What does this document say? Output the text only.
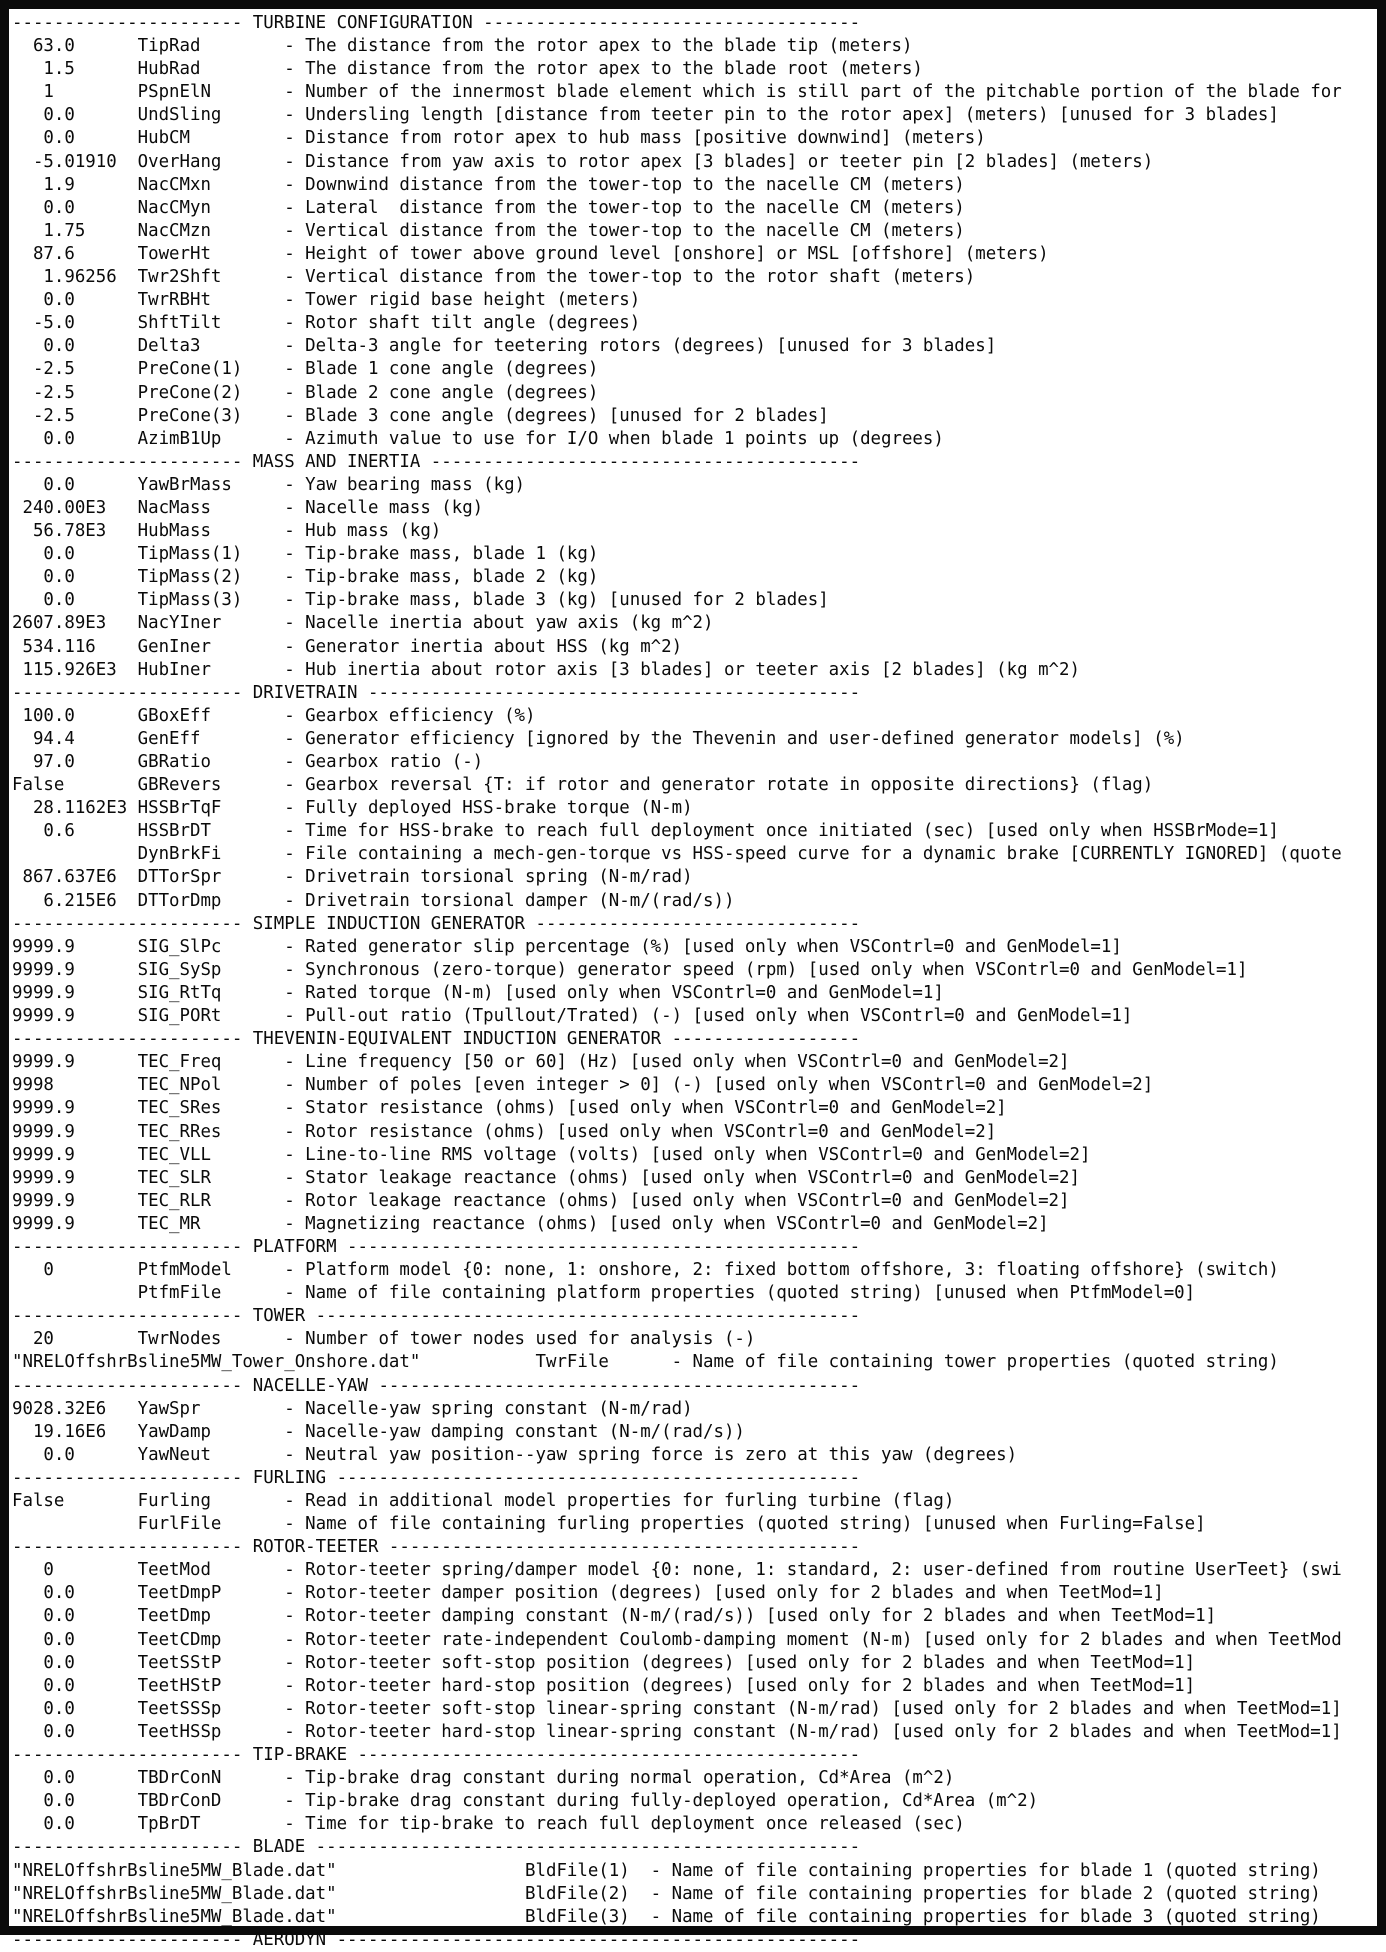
---------------------- TURBINE CONFIGURATION ------------------------------------
63.0      TipRad        - The distance from the rotor apex to the blade tip (meters)
1.5      HubRad        - The distance from the rotor apex to the blade root (meters)
1        PSpnElN       - Number of the innermost blade element which is still part of the pitchable portion of the blade for
0.0      UndSling      - Undersling length [distance from teeter pin to the rotor apex] (meters) [unused for 3 blades]
0.0      HubCM         - Distance from rotor apex to hub mass [positive downwind] (meters)
-5.01910  OverHang      - Distance from yaw axis to rotor apex [3 blades] or teeter pin [2 blades] (meters)
1.9      NacCMxn       - Downwind distance from the tower-top to the nacelle CM (meters)
0.0      NacCMyn       - Lateral  distance from the tower-top to the nacelle CM (meters)
1.75     NacCMzn       - Vertical distance from the tower-top to the nacelle CM (meters)
87.6      TowerHt       - Height of tower above ground level [onshore] or MSL [offshore] (meters)
1.96256  Twr2Shft      - Vertical distance from the tower-top to the rotor shaft (meters)
0.0      TwrRBHt       - Tower rigid base height (meters)
-5.0      ShftTilt      - Rotor shaft tilt angle (degrees)
0.0      Delta3        - Delta-3 angle for teetering rotors (degrees) [unused for 3 blades]
-2.5      PreCone(1)    - Blade 1 cone angle (degrees)
-2.5      PreCone(2)    - Blade 2 cone angle (degrees)
-2.5      PreCone(3)    - Blade 3 cone angle (degrees) [unused for 2 blades]
0.0      AzimB1Up      - Azimuth value to use for I/O when blade 1 points up (degrees)
---------------------- MASS AND INERTIA -----------------------------------------
0.0      YawBrMass     - Yaw bearing mass (kg)
240.00E3   NacMass       - Nacelle mass (kg)
56.78E3   HubMass       - Hub mass (kg)
0.0      TipMass(1)    - Tip-brake mass, blade 1 (kg)
0.0      TipMass(2)    - Tip-brake mass, blade 2 (kg)
0.0      TipMass(3)    - Tip-brake mass, blade 3 (kg) [unused for 2 blades]
2607.89E3   NacYIner      - Nacelle inertia about yaw axis (kg m^2)
534.116    GenIner       - Generator inertia about HSS (kg m^2)
115.926E3  HubIner       - Hub inertia about rotor axis [3 blades] or teeter axis [2 blades] (kg m^2)
---------------------- DRIVETRAIN -----------------------------------------------
100.0      GBoxEff       - Gearbox efficiency (%)
94.4      GenEff        - Generator efficiency [ignored by the Thevenin and user-defined generator models] (%)
97.0      GBRatio       - Gearbox ratio (-)
False       GBRevers      - Gearbox reversal {T: if rotor and generator rotate in opposite directions} (flag)
28.1162E3 HSSBrTqF      - Fully deployed HSS-brake torque (N-m)
0.6      HSSBrDT       - Time for HSS-brake to reach full deployment once initiated (sec) [used only when HSSBrMode=1]
DynBrkFi      - File containing a mech-gen-torque vs HSS-speed curve for a dynamic brake [CURRENTLY IGNORED] (quote
867.637E6  DTTorSpr      - Drivetrain torsional spring (N-m/rad)
6.215E6  DTTorDmp      - Drivetrain torsional damper (N-m/(rad/s))
---------------------- SIMPLE INDUCTION GENERATOR -------------------------------
9999.9      SIG_SlPc      - Rated generator slip percentage (%) [used only when VSContrl=0 and GenModel=1]
9999.9      SIG_SySp      - Synchronous (zero-torque) generator speed (rpm) [used only when VSContrl=0 and GenModel=1]
9999.9      SIG_RtTq      - Rated torque (N-m) [used only when VSContrl=0 and GenModel=1]
9999.9      SIG_PORt      - Pull-out ratio (Tpullout/Trated) (-) [used only when VSContrl=0 and GenModel=1]
---------------------- THEVENIN-EQUIVALENT INDUCTION GENERATOR ------------------
9999.9      TEC_Freq      - Line frequency [50 or 60] (Hz) [used only when VSContrl=0 and GenModel=2]
9998        TEC_NPol      - Number of poles [even integer > 0] (-) [used only when VSContrl=0 and GenModel=2]
9999.9      TEC_SRes      - Stator resistance (ohms) [used only when VSContrl=0 and GenModel=2]
9999.9      TEC_RRes      - Rotor resistance (ohms) [used only when VSContrl=0 and GenModel=2]
9999.9      TEC_VLL       - Line-to-line RMS voltage (volts) [used only when VSContrl=0 and GenModel=2]
9999.9      TEC_SLR       - Stator leakage reactance (ohms) [used only when VSContrl=0 and GenModel=2]
9999.9      TEC_RLR       - Rotor leakage reactance (ohms) [used only when VSContrl=0 and GenModel=2]
9999.9      TEC_MR        - Magnetizing reactance (ohms) [used only when VSContrl=0 and GenModel=2]
---------------------- PLATFORM -------------------------------------------------
0        PtfmModel     - Platform model {0: none, 1: onshore, 2: fixed bottom offshore, 3: floating offshore} (switch)
PtfmFile      - Name of file containing platform properties (quoted string) [unused when PtfmModel=0]
---------------------- TOWER ----------------------------------------------------
20        TwrNodes      - Number of tower nodes used for analysis (-)
"NRELOffshrBsline5MW_Tower_Onshore.dat"           TwrFile      - Name of file containing tower properties (quoted string)
---------------------- NACELLE-YAW ----------------------------------------------
9028.32E6   YawSpr        - Nacelle-yaw spring constant (N-m/rad)
19.16E6   YawDamp       - Nacelle-yaw damping constant (N-m/(rad/s))
0.0      YawNeut       - Neutral yaw position--yaw spring force is zero at this yaw (degrees)
---------------------- FURLING --------------------------------------------------
False       Furling       - Read in additional model properties for furling turbine (flag)
FurlFile      - Name of file containing furling properties (quoted string) [unused when Furling=False]
---------------------- ROTOR-TEETER ---------------------------------------------
0        TeetMod       - Rotor-teeter spring/damper model {0: none, 1: standard, 2: user-defined from routine UserTeet} (swi
0.0      TeetDmpP      - Rotor-teeter damper position (degrees) [used only for 2 blades and when TeetMod=1]
0.0      TeetDmp       - Rotor-teeter damping constant (N-m/(rad/s)) [used only for 2 blades and when TeetMod=1]
0.0      TeetCDmp      - Rotor-teeter rate-independent Coulomb-damping moment (N-m) [used only for 2 blades and when TeetMod
0.0      TeetSStP      - Rotor-teeter soft-stop position (degrees) [used only for 2 blades and when TeetMod=1]
0.0      TeetHStP      - Rotor-teeter hard-stop position (degrees) [used only for 2 blades and when TeetMod=1]
0.0      TeetSSSp      - Rotor-teeter soft-stop linear-spring constant (N-m/rad) [used only for 2 blades and when TeetMod=1]
0.0      TeetHSSp      - Rotor-teeter hard-stop linear-spring constant (N-m/rad) [used only for 2 blades and when TeetMod=1]
---------------------- TIP-BRAKE ------------------------------------------------
0.0      TBDrConN      - Tip-brake drag constant during normal operation, Cd*Area (m^2)
0.0      TBDrConD      - Tip-brake drag constant during fully-deployed operation, Cd*Area (m^2)
0.0      TpBrDT        - Time for tip-brake to reach full deployment once released (sec)
---------------------- BLADE ----------------------------------------------------
"NRELOffshrBsline5MW_Blade.dat"                  BldFile(1)  - Name of file containing properties for blade 1 (quoted string)
"NRELOffshrBsline5MW_Blade.dat"                  BldFile(2)  - Name of file containing properties for blade 2 (quoted string)
"NRELOffshrBsline5MW_Blade.dat"                  BldFile(3)  - Name of file containing properties for blade 3 (quoted string)
---------------------- AERODYN --------------------------------------------------
